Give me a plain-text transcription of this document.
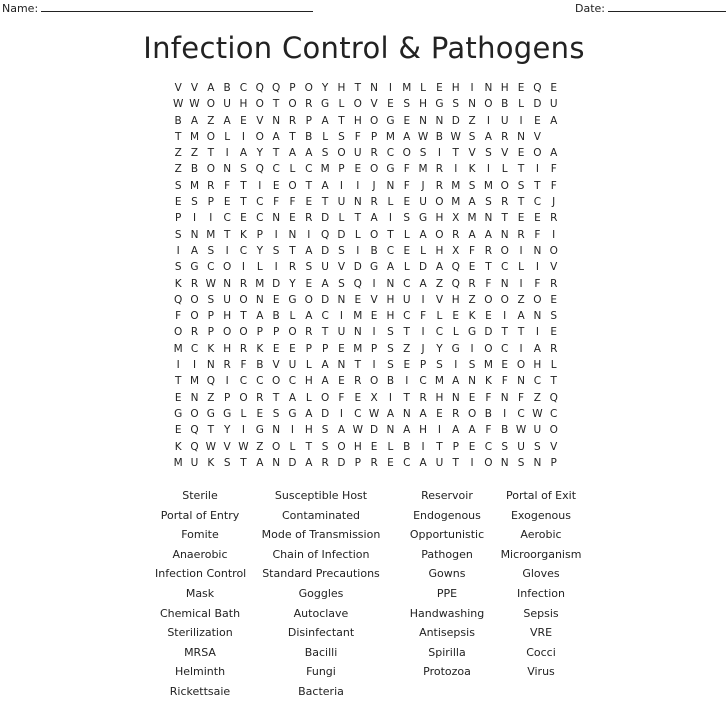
Name:	Date:
Infection Control & Pathogens
V V A B C Q Q P O Y H T N	I M L E H	I	N H E Q E
W W O U H O T O R G L O V E S H G S N O B L D U
B A Z A E V N R P A T H O G E N N D Z	I	U	I	E A
T M O L	I	O A T B L S F P M A W B W S A R N V
Z Z T	I	A Y T A A S O U R C O S	I	T V S V E O A
Z B O N S Q C L C M P E O G F M R	I	K	I	L T	I	F
S M R F T	I	E O T A	I	I	J	N F	J	R M S M O S T F
E S P E T C F F E T U N R L E U O M A S R T C	J
P	I	I	C E C N E R D L T A	I	S G H X M N T E E R
S N M T K P	I	N	I	Q D L O T L A O R A A N R F	I
I	A S	I	C Y S T A D S	I	B C E L H X F R O	I	N O
S G C O	I	L	I	R S U V D G A L D A Q E T C L	I	V
K R W N R M D Y E A S Q	I	N C A Z Q R F N	I	F R
Q O S U O N E G O D N E V H U	I	V H Z O O Z O E
F O P H T A B L A C	I M E H C F L E K E	I	A N S
O R P O O P P O R T U N	I	S T	I	C L G D T T	I	E
M C K H R K E E P P E M P S Z	J	Y G	I	O C	I	A R
I	I	N R F B V U L A N T	I	S E P S	I	S M E O H L
T M Q	I	C C O C H A E R O B	I	C M A N K F N C T
E N Z P O R T A L O F E X	I	T R H N E F N F Z Q
G O G G L E S G A D	I	C W A N A E R O B	I	C W C
E Q T Y	I	G N	I	H S A W D N A H	I	A A F B W U O
K Q W V W Z O L T S O H E L B	I	T P E C S U S V
M U K S T A N D A R D P R E C A U T	I	O N S N P
Sterile	Susceptible Host	Reservoir	Portal of Exit
Portal of Entry	Contaminated	Endogenous	Exogenous
Fomite	Mode of Transmission	Opportunistic	Aerobic
Anaerobic	Chain of Infection	Pathogen	Microorganism
Infection Control	Standard Precautions	Gowns	Gloves
Mask	Goggles	PPE	Infection
Chemical Bath	Autoclave	Handwashing	Sepsis
Sterilization	Disinfectant	Antisepsis	VRE
MRSA	Bacilli	Spirilla	Cocci
Helminth	Fungi	Protozoa	Virus
Rickettsaie	Bacteria
